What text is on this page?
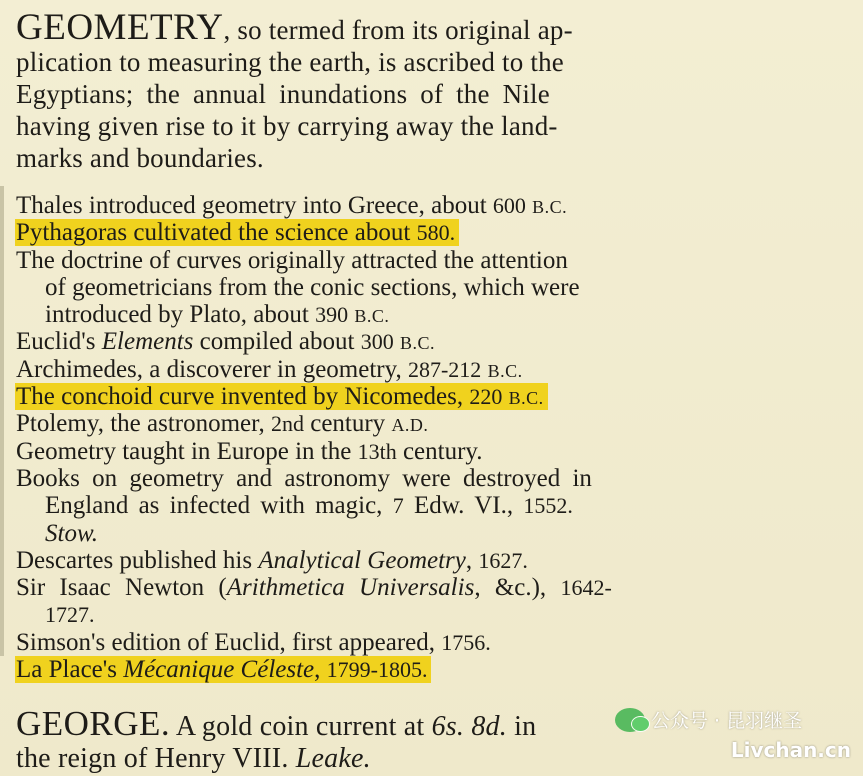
GEOMETRY, so termed from its original ap-
plication to measuring the earth, is ascribed to the
Egyptians; the annual inundations of the Nile
having given rise to it by carrying away the land-
marks and boundaries.
Thales introduced geometry into Greece, about 600 B.C.
Pythagoras cultivated the science about 580.
The doctrine of curves originally attracted the attention
of geometricians from the conic sections, which were
introduced by Plato, about 390 B.C.
Euclid's Elements compiled about 300 B.C.
Archimedes, a discoverer in geometry, 287-212 B.C.
The conchoid curve invented by Nicomedes, 220 B.C.
Ptolemy, the astronomer, 2nd century A.D.
Geometry taught in Europe in the 13th century.
Books on geometry and astronomy were destroyed in
England as infected with magic, 7 Edw. VI., 1552.
Stow.
Descartes published his Analytical Geometry, 1627.
Sir Isaac Newton (Arithmetica Universalis, &c.), 1642-
1727.
Simson's edition of Euclid, first appeared, 1756.
La Place's Mécanique Céleste, 1799-1805.
GEORGE. A gold coin current at 6s. 8d. in
the reign of Henry VIII. Leake.
公众号 · 昆羽继圣
Livchan.cn
